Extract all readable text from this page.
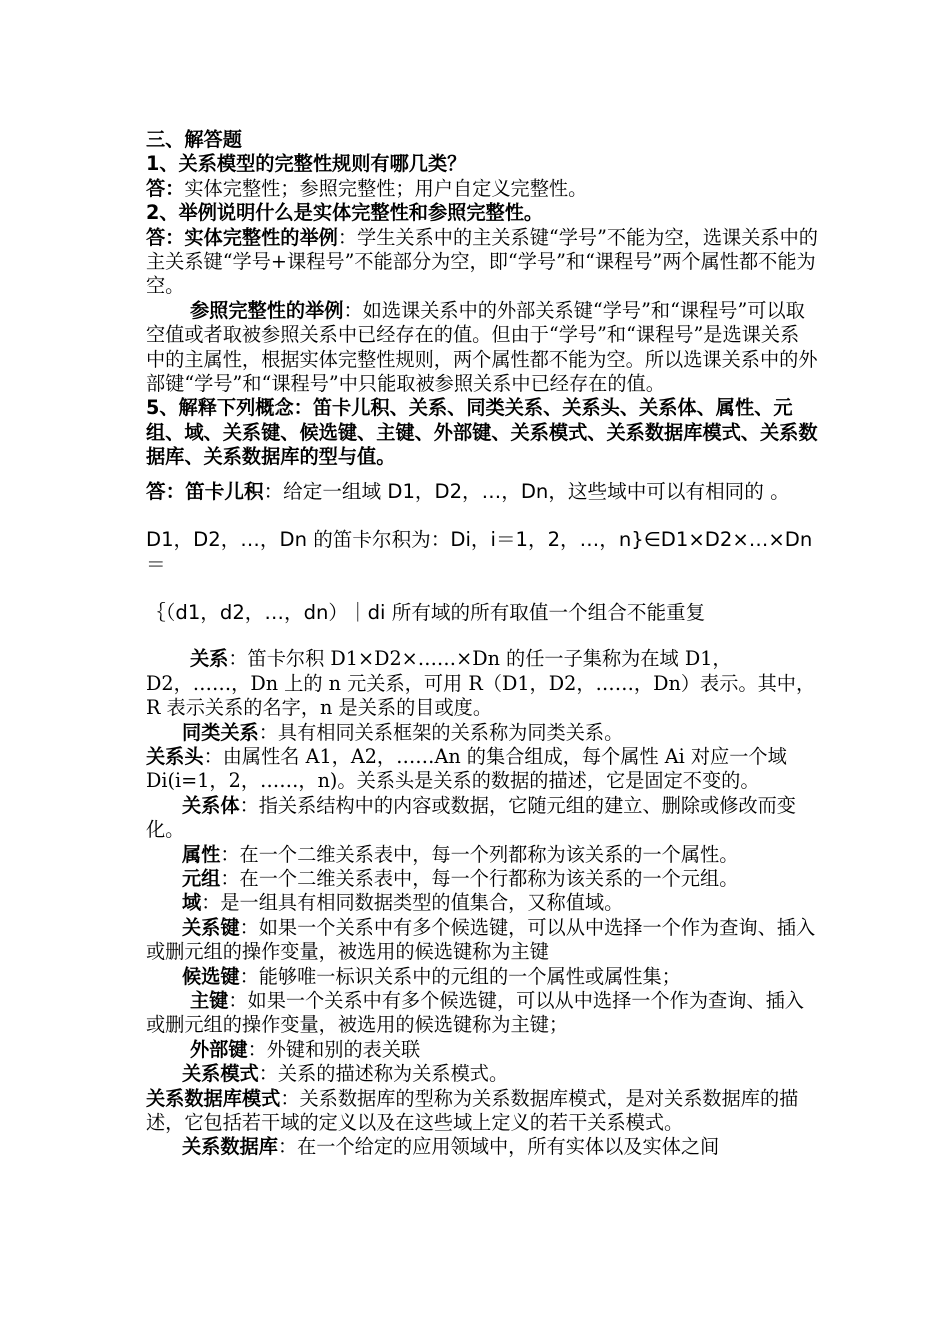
三、解答题

1、关系模型的完整性规则有哪几类？

答：实体完整性；参照完整性；用户自定义完整性。

2、举例说明什么是实体完整性和参照完整性。

答：实体完整性的举例：学生关系中的主关系键“学号”不能为空，选课关系中的主关系键“学号+课程号”不能部分为空，即“学号”和“课程号”两个属性都不能为空。

参照完整性的举例：如选课关系中的外部关系键“学号”和“课程号”可以取空值或者取被参照关系中已经存在的值。但由于“学号”和“课程号”是选课关系中的主属性，根据实体完整性规则，两个属性都不能为空。所以选课关系中的外部键“学号”和“课程号”中只能取被参照关系中已经存在的值。

5、解释下列概念：笛卡儿积、关系、同类关系、关系头、关系体、属性、元组、域、关系键、候选键、主键、外部键、关系模式、关系数据库模式、关系数据库、关系数据库的型与值。

答：笛卡儿积：给定一组域 D1，D2，…，Dn，这些域中可以有相同的 。

D1，D2，…，Dn 的笛卡尔积为：Di，i＝1，2，…，n}∈D1×D2×…×Dn＝

｛（d1，d2，…，dn）｜di 所有域的所有取值一个组合不能重复

关系：笛卡尔积 D1×D2×……×Dn 的任一子集称为在域 D1，D2，……，Dn 上的 n 元关系，可用 R（D1，D2，……，Dn）表示。其中，R 表示关系的名字，n 是关系的目或度。

同类关系：具有相同关系框架的关系称为同类关系。

关系头：由属性名 A1，A2，……An 的集合组成，每个属性 Ai 对应一个域 Di(i=1，2，……，n)。关系头是关系的数据的描述，它是固定不变的。

关系体：指关系结构中的内容或数据，它随元组的建立、删除或修改而变化。

属性：在一个二维关系表中，每一个列都称为该关系的一个属性。

元组：在一个二维关系表中，每一个行都称为该关系的一个元组。

域：是一组具有相同数据类型的值集合，又称值域。

关系键：如果一个关系中有多个候选键，可以从中选择一个作为查询、插入或删元组的操作变量，被选用的候选键称为主键

候选键：能够唯一标识关系中的元组的一个属性或属性集；

主键：如果一个关系中有多个候选键，可以从中选择一个作为查询、插入或删元组的操作变量，被选用的候选键称为主键；

外部键：外键和别的表关联

关系模式：关系的描述称为关系模式。

关系数据库模式：关系数据库的型称为关系数据库模式，是对关系数据库的描述，它包括若干域的定义以及在这些域上定义的若干关系模式。

关系数据库：在一个给定的应用领域中，所有实体以及实体之间
